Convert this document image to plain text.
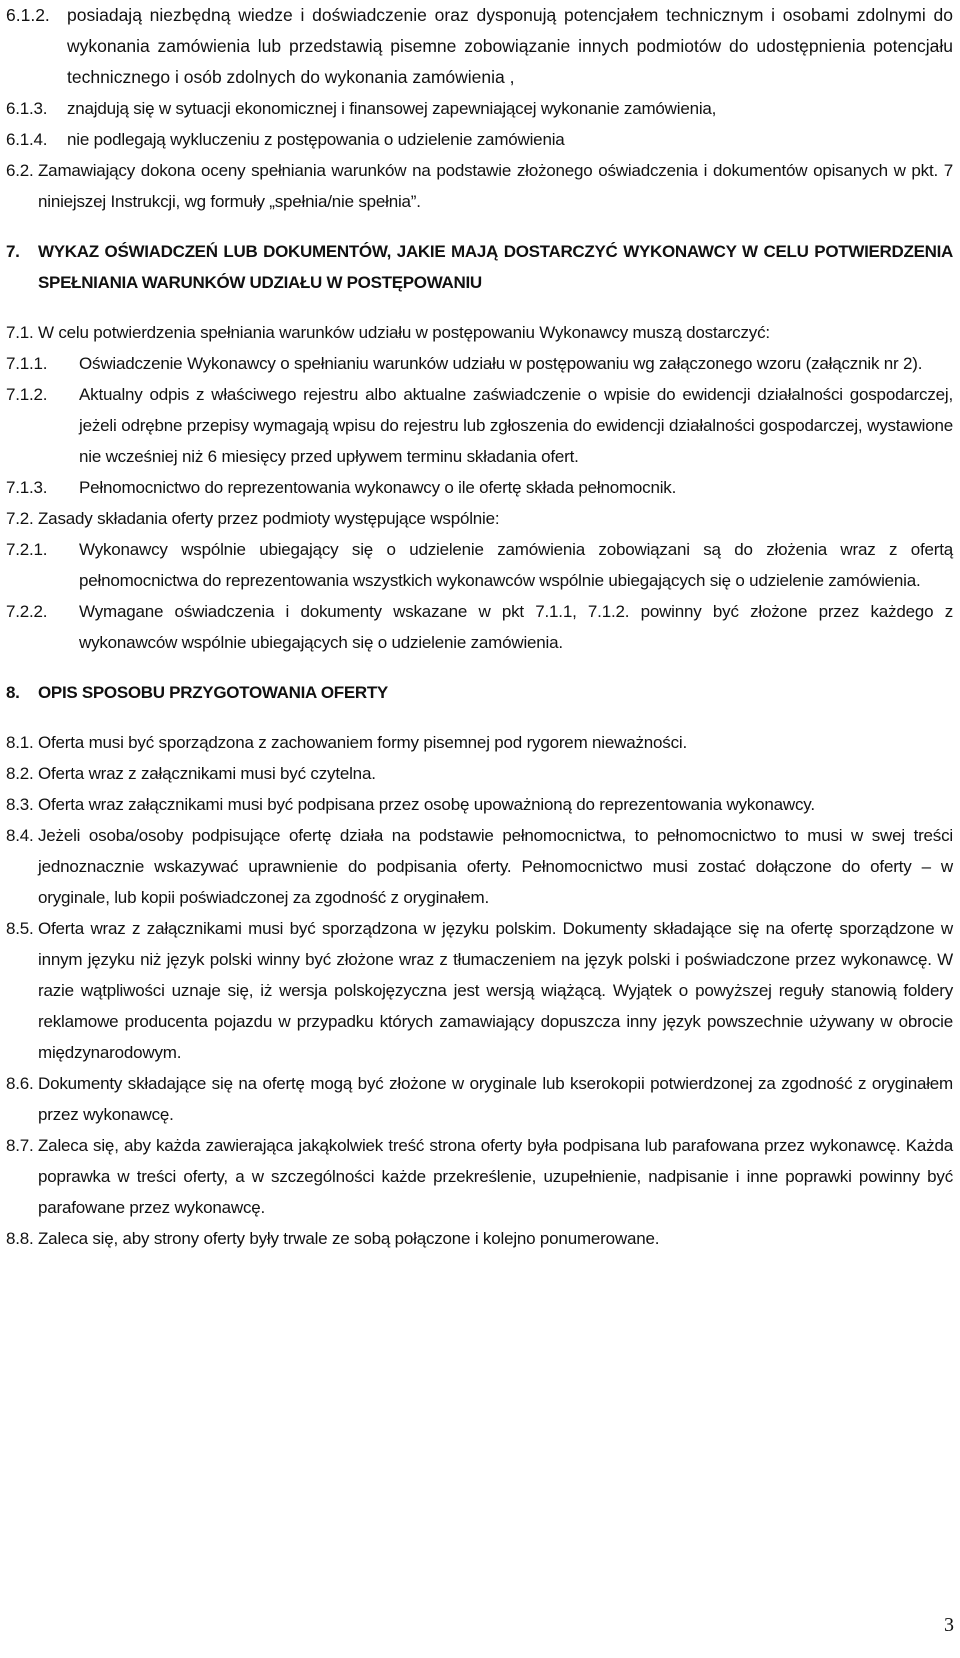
6.1.2. posiadają niezbędną wiedze i doświadczenie oraz dysponują potencjałem technicznym i osobami zdolnymi do wykonania zamówienia lub przedstawią pisemne zobowiązanie innych podmiotów do udostępnienia potencjału technicznego i osób zdolnych do wykonania zamówienia ,
6.1.3.	znajdują się w sytuacji ekonomicznej i finansowej zapewniającej wykonanie zamówienia,
6.1.4.	nie podlegają wykluczeniu z postępowania o udzielenie zamówienia
6.2. Zamawiający dokona oceny spełniania warunków na podstawie złożonego oświadczenia i dokumentów opisanych w pkt. 7 niniejszej Instrukcji, wg formuły „spełnia/nie spełnia”.
7.	WYKAZ OŚWIADCZEŃ LUB DOKUMENTÓW, JAKIE MAJĄ DOSTARCZYĆ WYKONAWCY W CELU POTWIERDZENIA SPEŁNIANIA WARUNKÓW UDZIAŁU W POSTĘPOWANIU
7.1. W celu potwierdzenia spełniania warunków udziału w postępowaniu Wykonawcy muszą dostarczyć:
7.1.1.	Oświadczenie Wykonawcy o spełnianiu warunków udziału w postępowaniu wg załączonego wzoru (załącznik nr 2).
7.1.2.	Aktualny odpis z właściwego rejestru albo aktualne zaświadczenie o wpisie do ewidencji działalności gospodarczej, jeżeli odrębne przepisy wymagają wpisu do rejestru lub zgłoszenia do ewidencji działalności gospodarczej, wystawione nie wcześniej niż 6 miesięcy przed upływem terminu składania ofert.
7.1.3.	Pełnomocnictwo do reprezentowania wykonawcy o ile ofertę składa pełnomocnik.
7.2. Zasady składania oferty przez podmioty występujące wspólnie:
7.2.1.	Wykonawcy wspólnie ubiegający się o udzielenie zamówienia zobowiązani są do złożenia wraz z ofertą pełnomocnictwa do reprezentowania wszystkich wykonawców wspólnie ubiegających się o udzielenie zamówienia.
7.2.2.	Wymagane oświadczenia i dokumenty wskazane w pkt 7.1.1, 7.1.2. powinny być złożone przez każdego z wykonawców wspólnie ubiegających się o udzielenie zamówienia.
8.	OPIS SPOSOBU PRZYGOTOWANIA OFERTY
8.1. Oferta musi być sporządzona z zachowaniem formy pisemnej pod rygorem nieważności.
8.2. Oferta wraz z załącznikami musi być czytelna.
8.3. Oferta wraz załącznikami musi być podpisana przez osobę upoważnioną do reprezentowania wykonawcy.
8.4. Jeżeli osoba/osoby podpisujące ofertę działa na podstawie pełnomocnictwa, to pełnomocnictwo to musi w swej treści jednoznacznie wskazywać uprawnienie do podpisania oferty. Pełnomocnictwo musi zostać dołączone do oferty – w oryginale, lub kopii poświadczonej za zgodność z oryginałem.
8.5. Oferta wraz z załącznikami musi być sporządzona w języku polskim. Dokumenty składające się na ofertę sporządzone w innym języku niż język polski winny być złożone wraz z tłumaczeniem na język polski i poświadczone przez wykonawcę. W razie wątpliwości uznaje się, iż wersja polskojęzyczna jest wersją wiążącą. Wyjątek o powyższej reguły stanowią foldery reklamowe producenta pojazdu w przypadku których zamawiający dopuszcza inny język powszechnie używany w obrocie międzynarodowym.
8.6. Dokumenty składające się na ofertę mogą być złożone w oryginale lub kserokopii potwierdzonej za zgodność z oryginałem przez wykonawcę.
8.7. Zaleca się, aby każda zawierająca jakąkolwiek treść strona oferty była podpisana lub parafowana przez wykonawcę. Każda poprawka w treści oferty, a w szczególności każde przekreślenie, uzupełnienie, nadpisanie i inne poprawki powinny być parafowane przez wykonawcę.
8.8. Zaleca się, aby strony oferty były trwale ze sobą połączone i kolejno ponumerowane.
3
